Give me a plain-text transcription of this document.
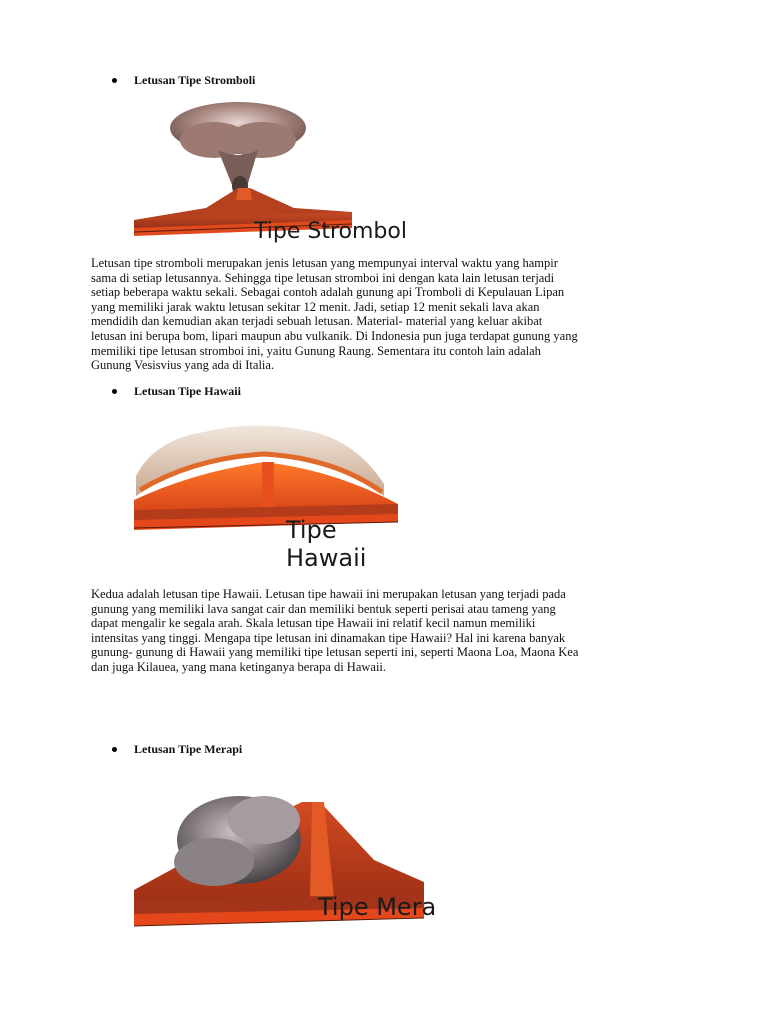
Letusan Tipe Stromboli
Tipe Strombol
Letusan tipe stromboli merupakan jenis letusan yang mempunyai interval waktu yang hampir
sama di setiap letusannya. Sehingga tipe letusan stromboi ini dengan kata lain letusan terjadi
setiap beberapa waktu sekali. Sebagai contoh adalah gunung api Tromboli di Kepulauan Lipan
yang memiliki jarak waktu letusan sekitar 12 menit. Jadi, setiap 12 menit sekali lava akan
mendidih dan kemudian akan terjadi sebuah letusan. Material- material yang keluar akibat
letusan ini berupa bom, lipari maupun abu vulkanik. Di Indonesia pun juga terdapat gunung yang
memiliki tipe letusan stromboi ini, yaitu Gunung Raung. Sementara itu contoh lain adalah
Gunung Vesisvius yang ada di Italia.
Letusan Tipe Hawaii
Tipe
Hawaii
Kedua adalah letusan tipe Hawaii. Letusan tipe hawaii ini merupakan letusan yang terjadi pada
gunung yang memiliki lava sangat cair dan memiliki bentuk seperti perisai atau tameng yang
dapat mengalir ke segala arah. Skala letusan tipe Hawaii ini relatif kecil namun memiliki
intensitas yang tinggi. Mengapa tipe letusan ini dinamakan tipe Hawaii? Hal ini karena banyak
gunung- gunung di Hawaii yang memiliki tipe letusan seperti ini, seperti Maona Loa, Maona Kea
dan juga Kilauea, yang mana ketinganya berapa di Hawaii.
Letusan Tipe Merapi
Tipe Mera
